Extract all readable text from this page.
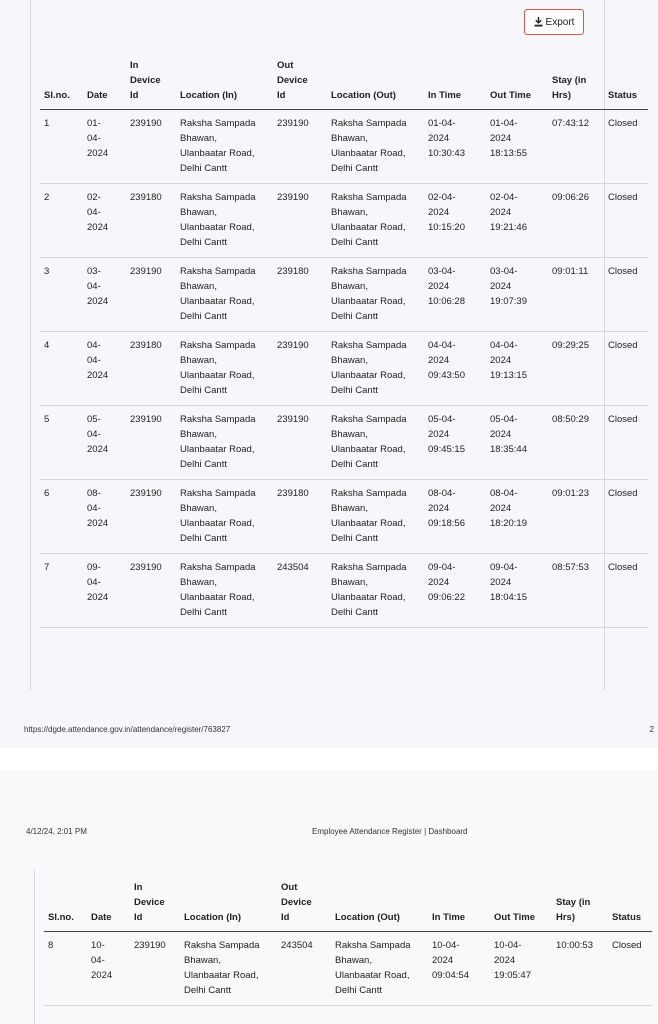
Export
Sl.no.	Date	In
Device
Id	Location (In)	Out
Device
Id	Location (Out)	In Time	Out Time	Stay (in
Hrs)	Status
1	01-
04-
2024	239190	Raksha Sampada
Bhawan,
Ulanbaatar Road,
Delhi Cantt	239190	Raksha Sampada
Bhawan,
Ulanbaatar Road,
Delhi Cantt	01-04-
2024
10:30:43	01-04-
2024
18:13:55	07:43:12	Closed
2	02-
04-
2024	239180	Raksha Sampada
Bhawan,
Ulanbaatar Road,
Delhi Cantt	239190	Raksha Sampada
Bhawan,
Ulanbaatar Road,
Delhi Cantt	02-04-
2024
10:15:20	02-04-
2024
19:21:46	09:06:26	Closed
3	03-
04-
2024	239190	Raksha Sampada
Bhawan,
Ulanbaatar Road,
Delhi Cantt	239180	Raksha Sampada
Bhawan,
Ulanbaatar Road,
Delhi Cantt	03-04-
2024
10:06:28	03-04-
2024
19:07:39	09:01:11	Closed
4	04-
04-
2024	239180	Raksha Sampada
Bhawan,
Ulanbaatar Road,
Delhi Cantt	239190	Raksha Sampada
Bhawan,
Ulanbaatar Road,
Delhi Cantt	04-04-
2024
09:43:50	04-04-
2024
19:13:15	09:29:25	Closed
5	05-
04-
2024	239190	Raksha Sampada
Bhawan,
Ulanbaatar Road,
Delhi Cantt	239190	Raksha Sampada
Bhawan,
Ulanbaatar Road,
Delhi Cantt	05-04-
2024
09:45:15	05-04-
2024
18:35:44	08:50:29	Closed
6	08-
04-
2024	239190	Raksha Sampada
Bhawan,
Ulanbaatar Road,
Delhi Cantt	239180	Raksha Sampada
Bhawan,
Ulanbaatar Road,
Delhi Cantt	08-04-
2024
09:18:56	08-04-
2024
18:20:19	09:01:23	Closed
7	09-
04-
2024	239190	Raksha Sampada
Bhawan,
Ulanbaatar Road,
Delhi Cantt	243504	Raksha Sampada
Bhawan,
Ulanbaatar Road,
Delhi Cantt	09-04-
2024
09:06:22	09-04-
2024
18:04:15	08:57:53	Closed
https://dgde.attendance.gov.in/attendance/register/763827	2
4/12/24, 2:01 PM	Employee Attendance Register | Dashboard
Sl.no.	Date	In
Device
Id	Location (In)	Out
Device
Id	Location (Out)	In Time	Out Time	Stay (in
Hrs)	Status
8	10-
04-
2024	239190	Raksha Sampada
Bhawan,
Ulanbaatar Road,
Delhi Cantt	243504	Raksha Sampada
Bhawan,
Ulanbaatar Road,
Delhi Cantt	10-04-
2024
09:04:54	10-04-
2024
19:05:47	10:00:53	Closed
